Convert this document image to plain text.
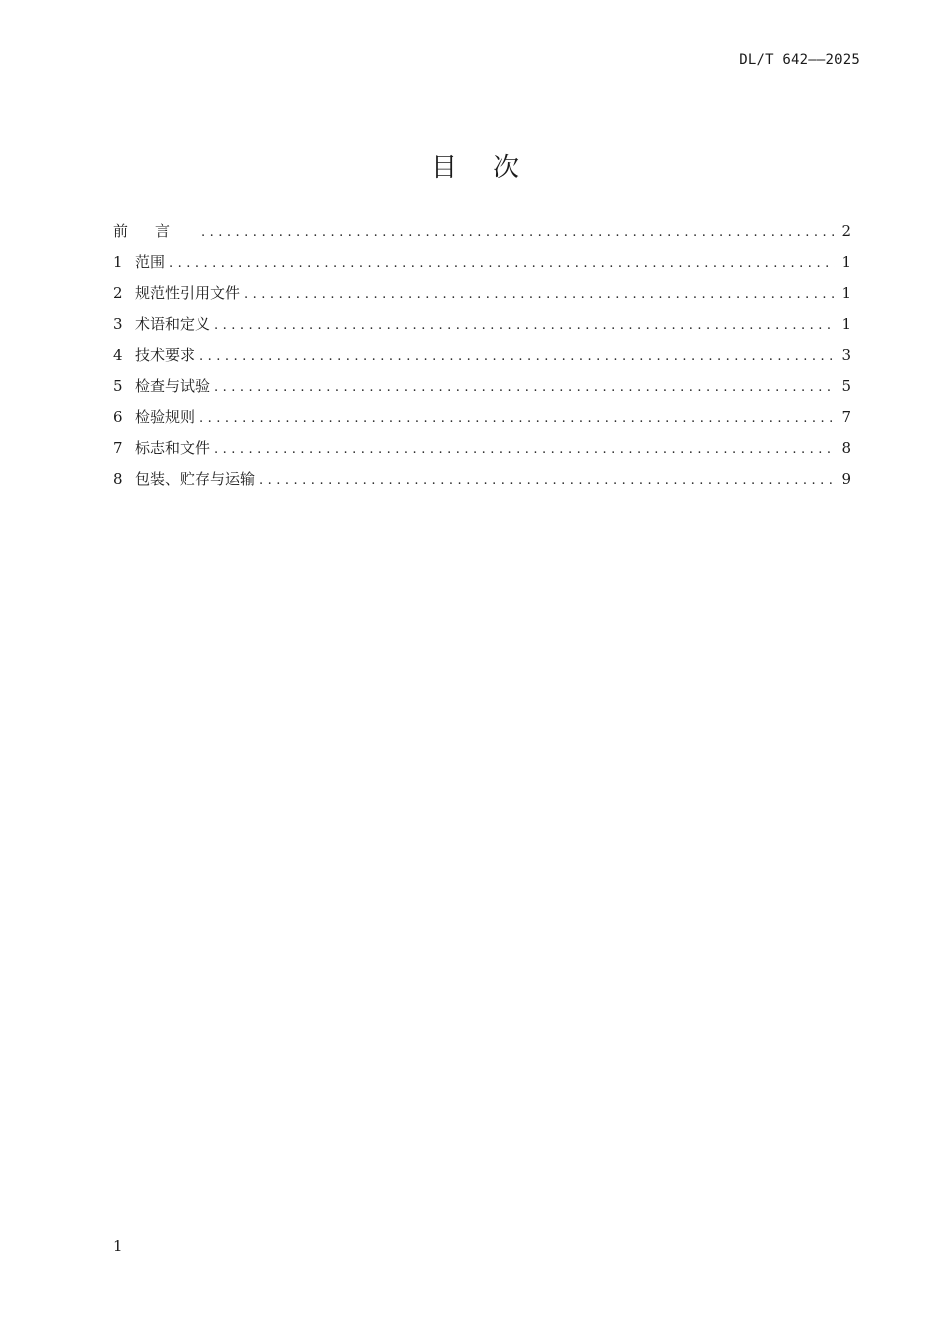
DL/T 642——2025
目 次
前言 .....	2
1 范围 .....	1
2 规范性引用文件 .....	1
3 术语和定义 .....	1
4 技术要求 .....	3
5 检查与试验 .....	5
6 检验规则 .....	7
7 标志和文件 .....	8
8 包装、贮存与运输 .....	9
1
